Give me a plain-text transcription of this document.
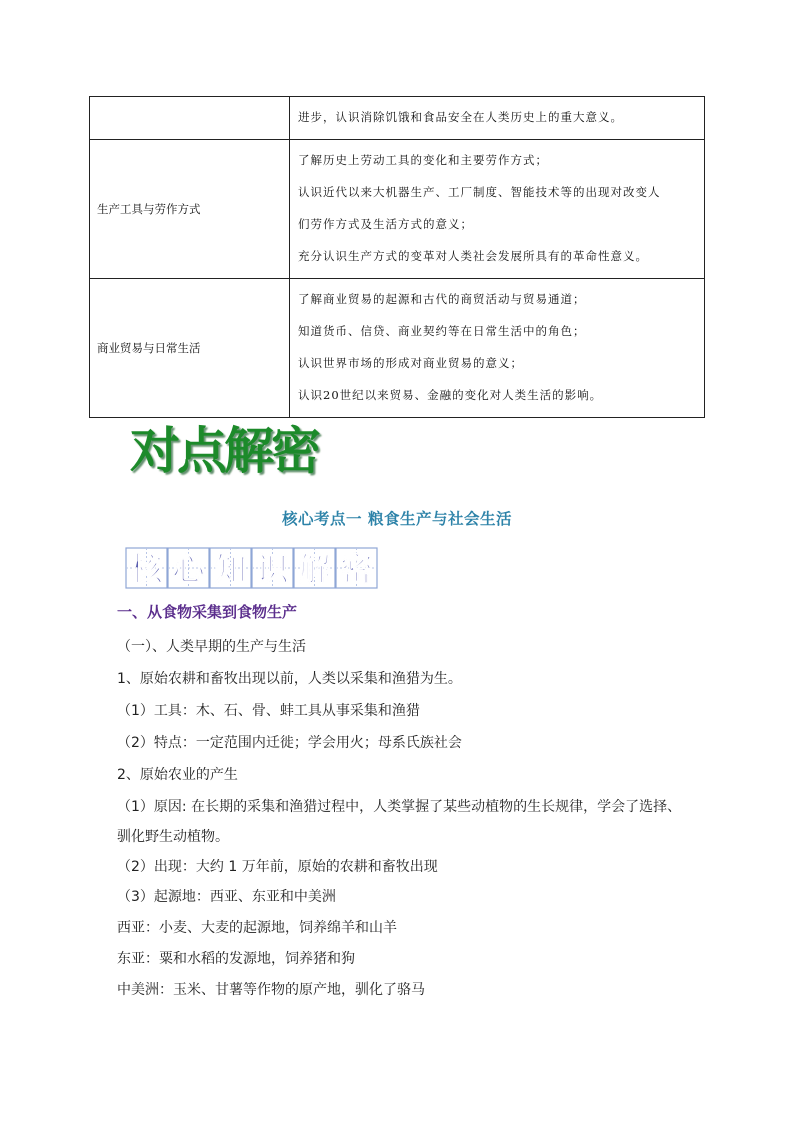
	进步，认识消除饥饿和食品安全在人类历史上的重大意义。

生产工具与劳作方式	了解历史上劳动工具的变化和主要劳作方式；
认识近代以来大机器生产、工厂制度、智能技术等的出现对改变人
们劳作方式及生活方式的意义；
充分认识生产方式的变革对人类社会发展所具有的革命性意义。

商业贸易与日常生活	了解商业贸易的起源和古代的商贸活动与贸易通道；
知道货币、信贷、商业契约等在日常生活中的角色；
认识世界市场的形成对商业贸易的意义；
认识20世纪以来贸易、金融的变化对人类生活的影响。
对点解密
核心考点一 粮食生产与社会生活
核 心 知 识 解 密
一、从食物采集到食物生产
（一）、人类早期的生产与生活
1、原始农耕和畜牧出现以前，人类以采集和渔猎为生。
（1）工具：木、石、骨、蚌工具从事采集和渔猎
（2）特点：一定范围内迁徙；学会用火；母系氏族社会
2、原始农业的产生
（1）原因: 在长期的采集和渔猎过程中，人类掌握了某些动植物的生长规律，学会了选择、
驯化野生动植物。
（2）出现：大约 1 万年前，原始的农耕和畜牧出现
（3）起源地：西亚、东亚和中美洲
西亚：小麦、大麦的起源地，饲养绵羊和山羊
东亚：粟和水稻的发源地，饲养猪和狗
中美洲：玉米、甘薯等作物的原产地，驯化了骆马
